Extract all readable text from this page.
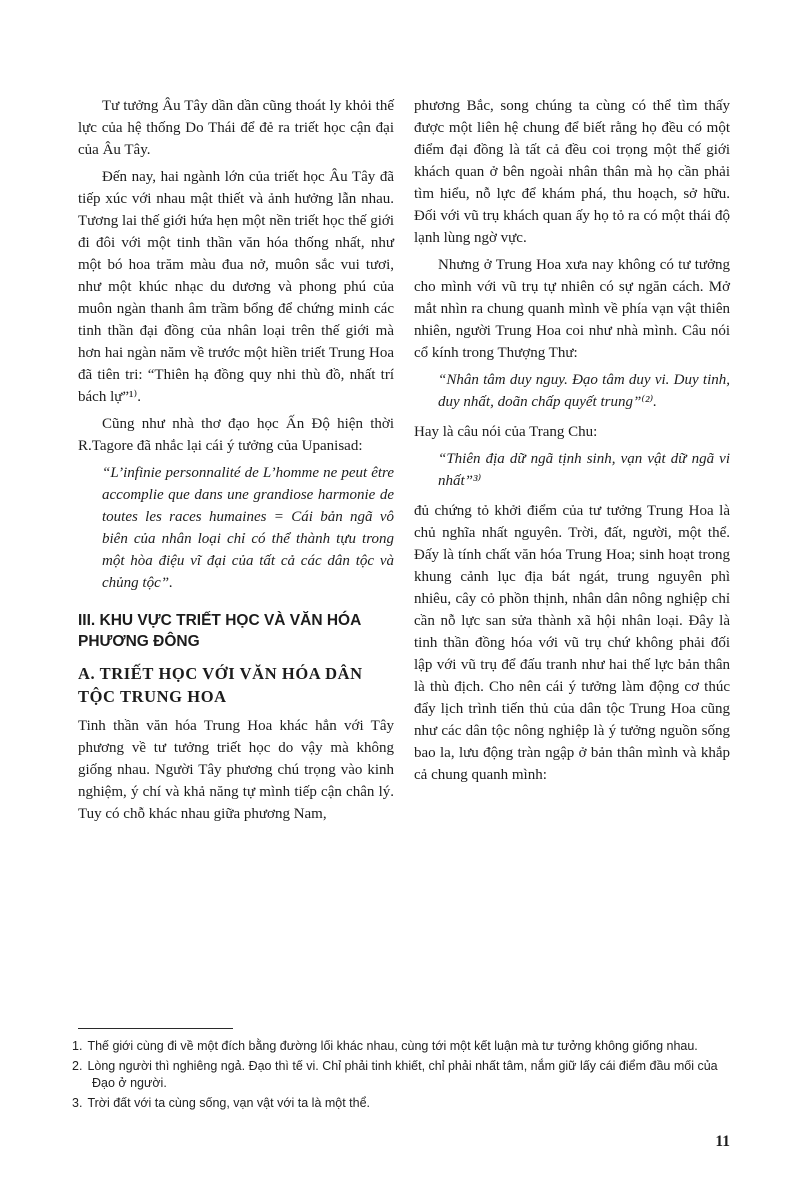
Tư tưởng Âu Tây dần dần cũng thoát ly khỏi thế lực của hệ thống Do Thái để đẻ ra triết học cận đại của Âu Tây.

Đến nay, hai ngành lớn của triết học Âu Tây đã tiếp xúc với nhau mật thiết và ảnh hưởng lẫn nhau. Tương lai thế giới hứa hẹn một nền triết học thế giới đi đôi với một tinh thần văn hóa thống nhất, như một bó hoa trăm màu đua nở, muôn sắc vui tươi, như một khúc nhạc du dương và phong phú của muôn ngàn thanh âm trầm bổng để chứng minh các tinh thần đại đồng của nhân loại trên thế giới mà hơn hai ngàn năm về trước một hiền triết Trung Hoa đã tiên tri: “Thiên hạ đồng quy nhi thù đồ, nhất trí bách lự”¹⁾.

Cũng như nhà thơ đạo học Ấn Độ hiện thời R.Tagore đã nhắc lại cái ý tưởng của Upanisad:

“L’infinie personnalité de L’homme ne peut être accomplie que dans une grandiose harmonie de toutes les races humaines = Cái bản ngã vô biên của nhân loại chỉ có thể thành tựu trong một hòa điệu vĩ đại của tất cả các dân tộc và chủng tộc”.

III. KHU VỰC TRIẾT HỌC VÀ VĂN HÓA PHƯƠNG ĐÔNG

A. TRIẾT HỌC VỚI VĂN HÓA DÂN TỘC TRUNG HOA

Tinh thần văn hóa Trung Hoa khác hẳn với Tây phương về tư tưởng triết học do vậy mà không giống nhau. Người Tây phương chú trọng vào kinh nghiệm, ý chí và khả năng tự mình tiếp cận chân lý. Tuy có chỗ khác nhau giữa phương Nam,

phương Bắc, song chúng ta cùng có thể tìm thấy được một liên hệ chung để biết rằng họ đều có một điểm đại đồng là tất cả đều coi trọng một thế giới khách quan ở bên ngoài nhân thân mà họ cần phải tìm hiểu, nỗ lực để khám phá, thu hoạch, sở hữu. Đối với vũ trụ khách quan ấy họ tỏ ra có một thái độ lạnh lùng ngờ vực.

Nhưng ở Trung Hoa xưa nay không có tư tưởng cho mình với vũ trụ tự nhiên có sự ngăn cách. Mở mắt nhìn ra chung quanh mình về phía vạn vật thiên nhiên, người Trung Hoa coi như nhà mình. Câu nói cổ kính trong Thượng Thư:

“Nhân tâm duy nguy. Đạo tâm duy vi. Duy tinh, duy nhất, doãn chấp quyết trung”⁽²⁾.

Hay là câu nói của Trang Chu:

“Thiên địa dữ ngã tịnh sinh, vạn vật dữ ngã vi nhất”³⁾

đủ chứng tỏ khởi điểm của tư tưởng Trung Hoa là chủ nghĩa nhất nguyên. Trời, đất, người, một thể. Đấy là tính chất văn hóa Trung Hoa; sinh hoạt trong khung cảnh lục địa bát ngát, trung nguyên phì nhiêu, cây cỏ phồn thịnh, nhân dân nông nghiệp chỉ cần nỗ lực san sửa thành xã hội nhân loại. Đây là tinh thần đồng hóa với vũ trụ chứ không phải đối lập với vũ trụ để đấu tranh như hai thế lực bản thân là thù địch. Cho nên cái ý tưởng làm động cơ thúc đẩy lịch trình tiến thủ của dân tộc Trung Hoa cũng như các dân tộc nông nghiệp là ý tưởng nguồn sống bao la, lưu động tràn ngập ở bản thân mình và khắp cả chung quanh mình:

1. Thế giới cùng đi về một đích bằng đường lối khác nhau, cùng tới một kết luận mà tư tưởng không giống nhau.
2. Lòng người thì nghiêng ngả. Đạo thì tế vi. Chỉ phải tinh khiết, chỉ phải nhất tâm, nắm giữ lấy cái điểm đầu mối của Đạo ở người.
3. Trời đất với ta cùng sống, vạn vật với ta là một thể.
11
